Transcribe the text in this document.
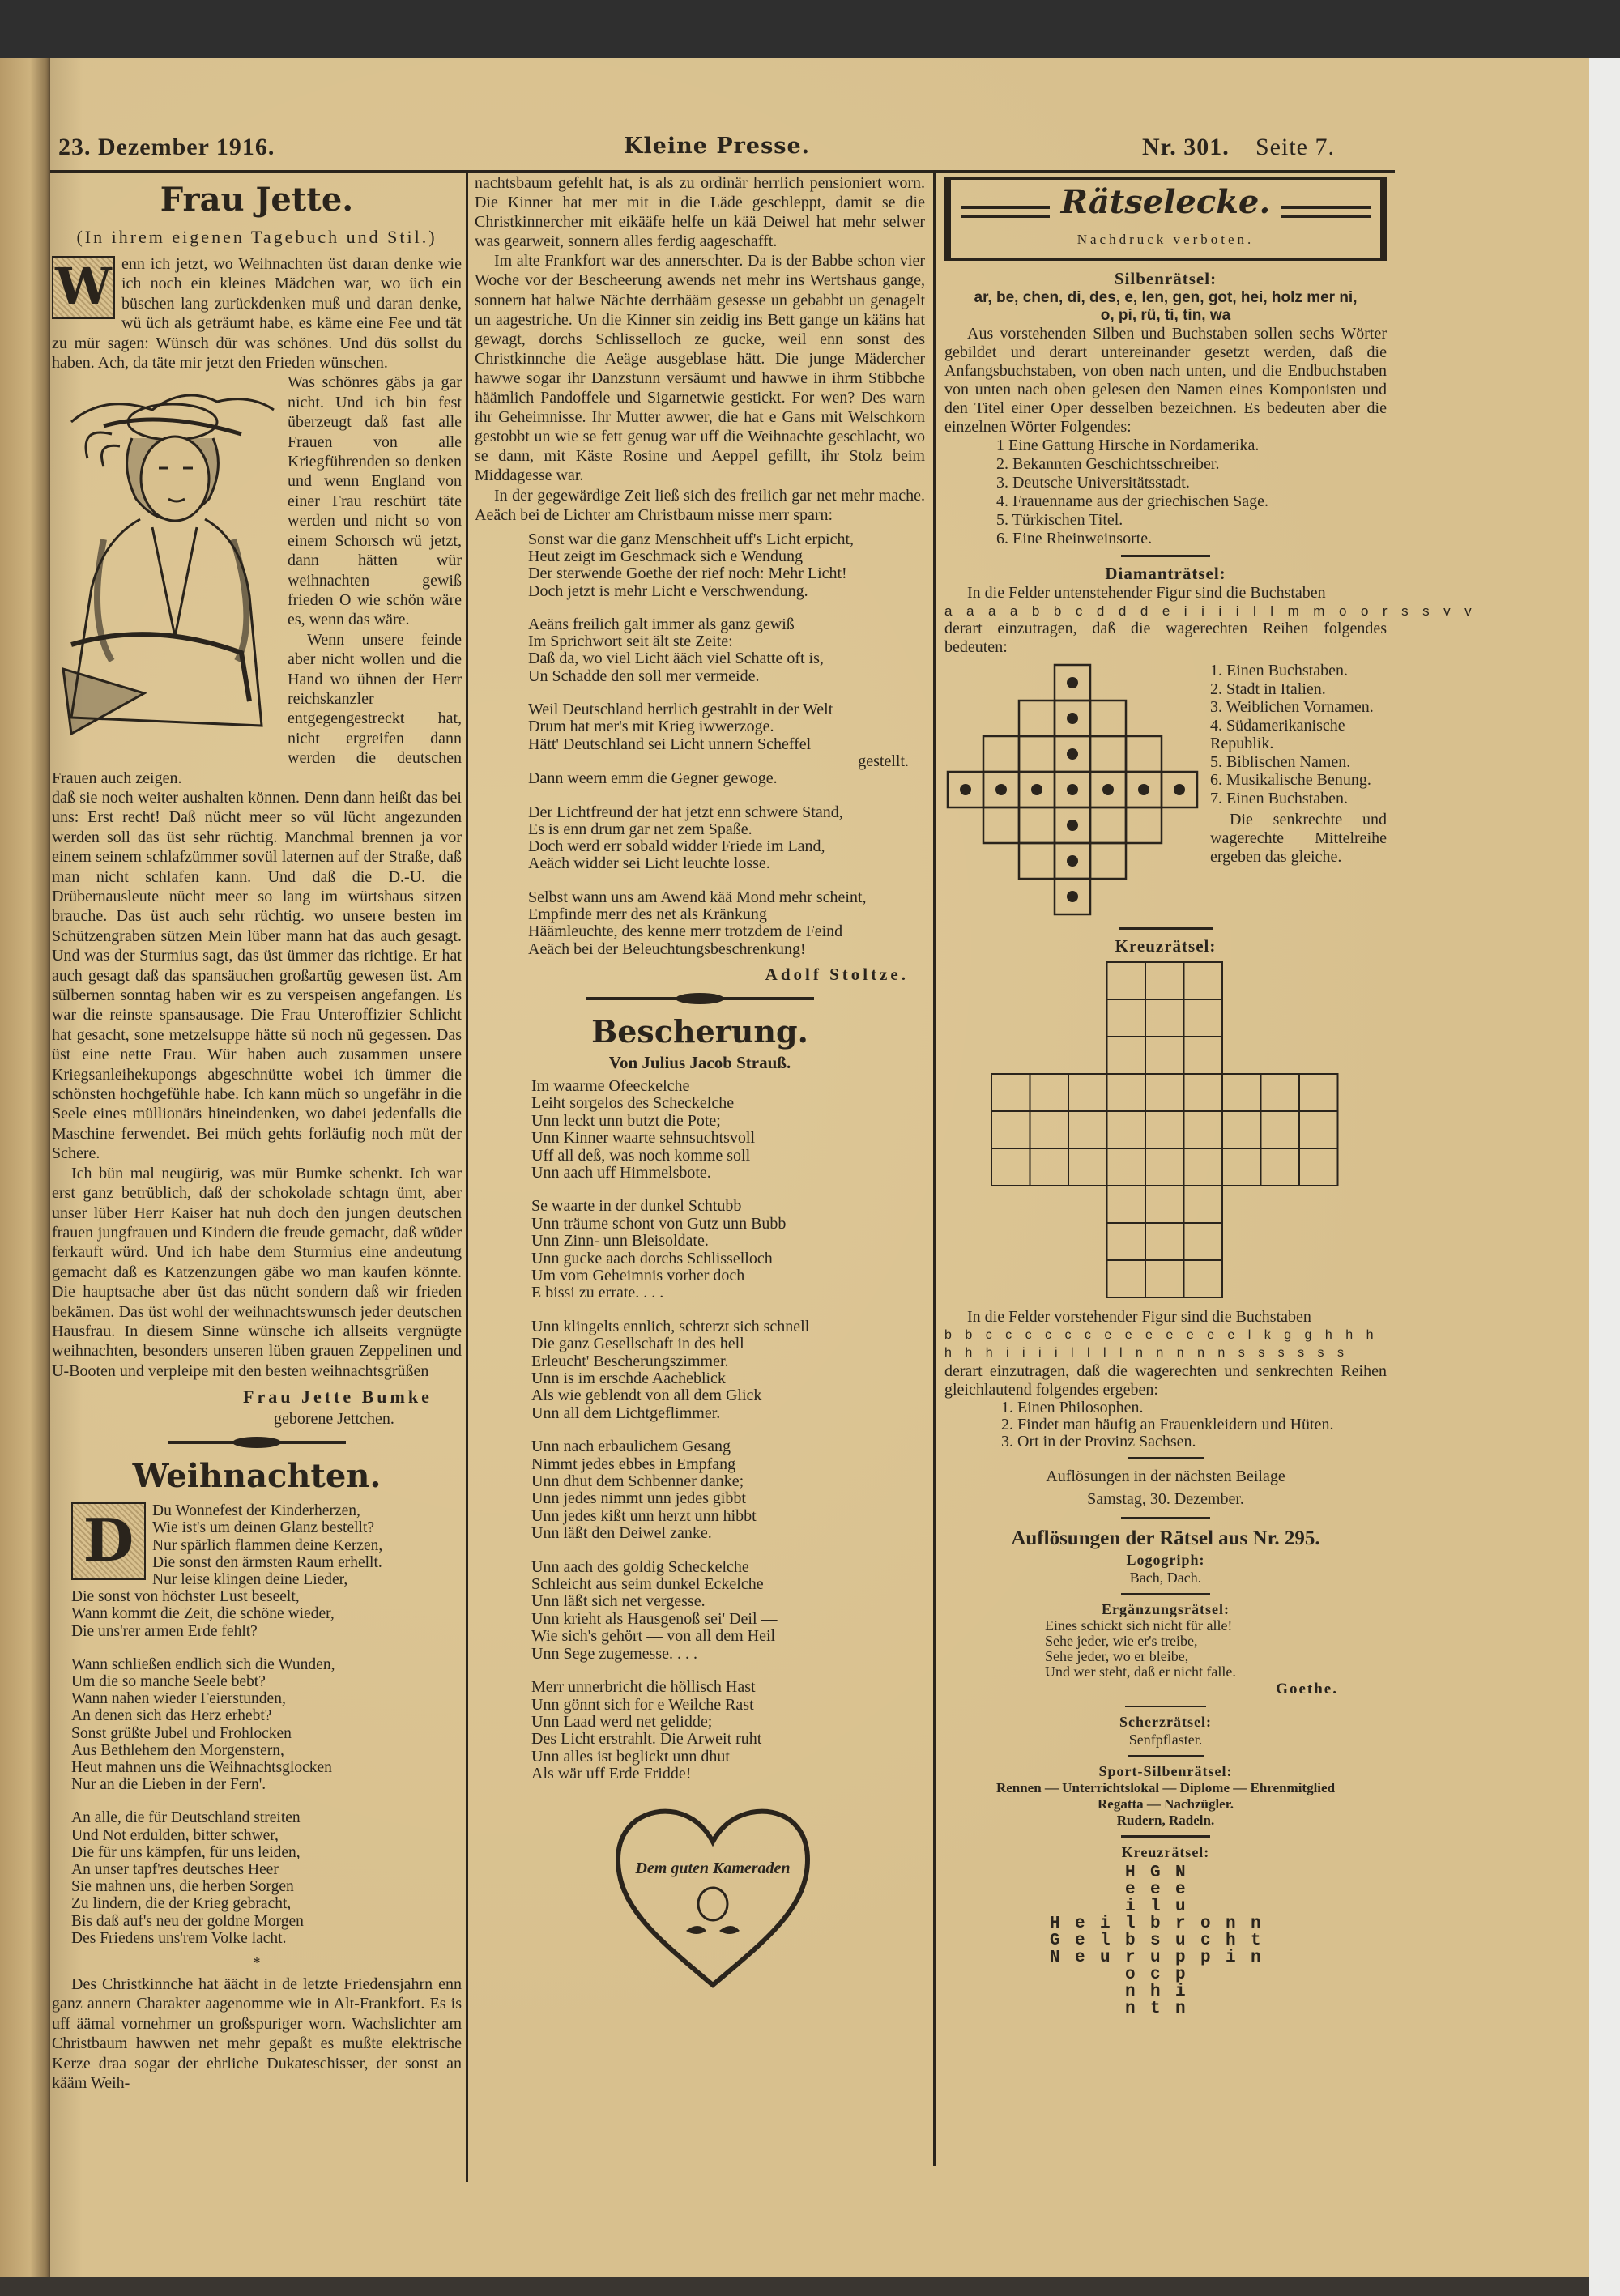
23. Dezember 1916.	Kleine Presse.	Nr. 301. Seite 7.
Frau Jette.
(In ihrem eigenen Tagebuch und Stil.)
W enn ich jetzt, wo Weihnachten üst daran denke wie ich noch ein kleines Mädchen war, wo üch ein büschen lang zurückdenken muß und daran denke, wü üch als geträumt habe, es käme eine Fee und tät zu mür sagen: Wünsch dür was schönes. Und düs sollst du haben. Ach, da täte mir jetzt den Frieden wünschen.

Was schönres gäbs ja gar nicht. Und ich bin fest überzeugt daß fast alle Frauen von alle Kriegführenden so denken und wenn England von einer Frau reschürt täte werden und nicht so von einem Schorsch wü jetzt, dann hätten wür weihnachten gewiß frieden O wie schön wäre es, wenn das wäre.

Wenn unsere feinde aber nicht wollen und die Hand wo ühnen der Herr reichskanzler entgegengestreckt hat, nicht ergreifen dann werden die deutschen Frauen auch zeigen.

daß sie noch weiter aushalten können. Denn dann heißt das bei uns: Erst recht! Daß nücht meer so vül lücht angezunden werden soll das üst sehr rüchtig. Manchmal brennen ja vor einem seinem schlafzümmer sovül laternen auf der Straße, daß man nicht schlafen kann. Und daß die D.-U. die Drübernausleute nücht meer so lang im würtshaus sitzen brauche. Das üst auch sehr rüchtig. wo unsere besten im Schützengraben sützen Mein lüber mann hat das auch gesagt. Und was der Sturmius sagt, das üst ümmer das richtige. Er hat auch gesagt daß das spansäuchen großartüg gewesen üst. Am sülbernen sonntag haben wir es zu verspeisen angefangen. Es war die reinste spansausage. Die Frau Unteroffizier Schlicht hat gesacht, sone metzelsuppe hätte sü noch nü gegessen. Das üst eine nette Frau. Wür haben auch zusammen unsere Kriegsanleihekupongs abgeschnütte wobei ich ümmer die schönsten hochgefühle habe. Ich kann müch so ungefähr in die Seele eines müllionärs hineindenken, wo dabei jedenfalls die Maschine ferwendet. Bei müch gehts forläufig noch müt der Schere.

Ich bün mal neugürig, was mür Bumke schenkt. Ich war erst ganz betrüblich, daß der schokolade schtagn ümt, aber unser lüber Herr Kaiser hat nuh doch den jungen deutschen frauen jungfrauen und Kindern die freude gemacht, daß wüder ferkauft würd. Und ich habe dem Sturmius eine andeutung gemacht daß es Katzenzungen gäbe wo man kaufen könnte. Die hauptsache aber üst das nücht sondern daß wir frieden bekämen. Das üst wohl der weihnachtswunsch jeder deutschen Hausfrau. In diesem Sinne wünsche ich allseits vergnügte weihnachten, besonders unseren lüben grauen Zeppelinen und U-Booten und verpleipe mit den besten weihnachtsgrüßen

Frau Jette Bumke
geborene Jettchen.
Weihnachten.
D	Du Wonnefest der Kinderherzen,
Wie ist's um deinen Glanz bestellt?
Nur spärlich flammen deine Kerzen,
Die sonst den ärmsten Raum erhellt.
Nur leise klingen deine Lieder,
Die sonst von höchster Lust beseelt,
Wann kommt die Zeit, die schöne wieder,
Die uns'rer armen Erde fehlt?
Wann schließen endlich sich die Wunden,
Um die so manche Seele bebt?
Wann nahen wieder Feierstunden,
An denen sich das Herz erhebt?
Sonst grüßte Jubel und Frohlocken
Aus Bethlehem den Morgenstern,
Heut mahnen uns die Weihnachtsglocken
Nur an die Lieben in der Fern'.
An alle, die für Deutschland streiten
Und Not erdulden, bitter schwer,
Die für uns kämpfen, für uns leiden,
An unser tapf'res deutsches Heer
Sie mahnen uns, die herben Sorgen
Zu lindern, die der Krieg gebracht,
Bis daß auf's neu der goldne Morgen
Des Friedens uns'rem Volke lacht.
*

Des Christkinnche hat äächt in de letzte Friedensjahrn enn ganz annern Charakter aagenomme wie in Alt-Frankfort. Es is uff äämal vornehmer un großspuriger worn. Wachslichter am Christbaum hawwen net mehr gepaßt es mußte elektrische Kerze draa sogar der ehrliche Dukateschisser, der sonst an kääm Weih-

nachtsbaum gefehlt hat, is als zu ordinär herrlich pensioniert worn. Die Kinner hat mer mit in die Läde geschleppt, damit se die Christkinnercher mit eikääfe helfe un kää Deiwel hat mehr selwer was gearweit, sonnern alles ferdig aageschafft.

Im alte Frankfort war des annerschter. Da is der Babbe schon vier Woche vor der Bescheerung awends net mehr ins Wertshaus gange, sonnern hat halwe Nächte derrhääm gesesse un gebabbt un genagelt un aagestriche. Un die Kinner sin zeidig ins Bett gange un kääns hat gewagt, dorchs Schlisselloch ze gucke, weil enn sonst des Christkinnche die Aeäge ausgeblase hätt. Die junge Mädercher hawwe sogar ihr Danzstunn versäumt und hawwe in ihrm Stibbche häämlich Pandoffele und Sigarnetwie gestickt. For wen? Des warn ihr Geheimnisse. Ihr Mutter awwer, die hat e Gans mit Welschkorn gestobbt un wie se fett genug war uff die Weihnachte geschlacht, wo se dann, mit Käste Rosine und Aeppel gefillt, ihr Stolz beim Middagesse war.

In der gegewärdige Zeit ließ sich des freilich gar net mehr mache. Aeäch bei de Lichter am Christbaum misse merr sparn:

Sonst war die ganz Menschheit uff's Licht erpicht,
Heut zeigt im Geschmack sich e Wendung
Der sterwende Goethe der rief noch: Mehr Licht!
Doch jetzt is mehr Licht e Verschwendung.
Aeäns freilich galt immer als ganz gewiß
Im Sprichwort seit ält ste Zeite:
Daß da, wo viel Licht ääch viel Schatte oft is,
Un Schadde den soll mer vermeide.
Weil Deutschland herrlich gestrahlt in der Welt
Drum hat mer's mit Krieg iwwerzoge.
Hätt' Deutschland sei Licht unnern Scheffel
gestellt.
Dann weern emm die Gegner gewoge.
Der Lichtfreund der hat jetzt enn schwere Stand,
Es is enn drum gar net zem Spaße.
Doch werd err sobald widder Friede im Land,
Aeäch widder sei Licht leuchte losse.
Selbst wann uns am Awend kää Mond mehr scheint,
Empfinde merr des net als Kränkung
Häämleuchte, des kenne merr trotzdem de Feind
Aeäch bei der Beleuchtungsbeschrenkung!
Adolf Stoltze.
Bescherung.
Von Julius Jacob Strauß.
Im waarme Ofeeckelche
Leiht sorgelos des Scheckelche
Unn leckt unn butzt die Pote;
Unn Kinner waarte sehnsuchtsvoll
Uff all deß, was noch komme soll
Unn aach uff Himmelsbote.
Se waarte in der dunkel Schtubb
Unn träume schont von Gutz unn Bubb
Unn Zinn- unn Bleisoldate.
Unn gucke aach dorchs Schlisselloch
Um vom Geheimnis vorher doch
E bissi zu errate. . . .
Unn klingelts ennlich, schterzt sich schnell
Die ganz Gesellschaft in des hell
Erleucht' Bescherungszimmer.
Unn is im erschde Aacheblick
Als wie geblendt von all dem Glick
Unn all dem Lichtgeflimmer.
Unn nach erbaulichem Gesang
Nimmt jedes ebbes in Empfang
Unn dhut dem Schbenner danke;
Unn jedes nimmt unn jedes gibbt
Unn jedes kißt unn herzt unn hibbt
Unn läßt den Deiwel zanke.
Unn aach des goldig Scheckelche
Schleicht aus seim dunkel Eckelche
Unn läßt sich net vergesse.
Unn krieht als Hausgenoß sei' Deil —
Wie sich's gehört — von all dem Heil
Unn Sege zugemesse. . . .
Merr unnerbricht die höllisch Hast
Unn gönnt sich for e Weilche Rast
Unn Laad werd net gelidde;
Des Licht erstrahlt. Die Arweit ruht
Unn alles ist beglickt unn dhut
Als wär uff Erde Fridde!
Dem guten Kameraden
Rätselecke.
Nachdruck verboten.
Silbenrätsel:
ar, be, chen, di, des, e, len, gen, got, hei, holz mer ni,
o, pi, rü, ti, tin, wa
Aus vorstehenden Silben und Buchstaben sollen sechs Wörter gebildet und derart untereinander gesetzt werden, daß die Anfangsbuchstaben, von oben nach unten, und die Endbuchstaben von unten nach oben gelesen den Namen eines Komponisten und den Titel einer Oper desselben bezeichnen. Es bedeuten aber die einzelnen Wörter Folgendes:
1 Eine Gattung Hirsche in Nordamerika.
2. Bekannten Geschichtsschreiber.
3. Deutsche Universitätsstadt.
4. Frauenname aus der griechischen Sage.
5. Türkischen Titel.
6. Eine Rheinweinsorte.
Diamanträtsel:
In die Felder untenstehender Figur sind die Buchstaben
a a a a b b c d d d e i i i i l l m m o o r s s v v
derart einzutragen, daß die wagerechten Reihen folgendes bedeuten:
1. Einen Buchstaben.
2. Stadt in Italien.
3. Weiblichen Vornamen.
4. Südamerikanische Republik.
5. Biblischen Namen.
6. Musikalische Benung.
7. Einen Buchstaben.
Die senkrechte und wagerechte Mittelreihe ergeben das gleiche.
Kreuzrätsel:
In die Felder vorstehender Figur sind die Buchstaben
b b c c c c c c e e e e e e e l k g g h h h h h h i i i i l l l l n n n n n s s s s s s
derart einzutragen, daß die wagerechten und senkrechten Reihen gleichlautend folgendes ergeben:
1. Einen Philosophen.
2. Findet man häufig an Frauenkleidern und Hüten.
3. Ort in der Provinz Sachsen.
Auflösungen in der nächsten Beilage
Samstag, 30. Dezember.
Auflösungen der Rätsel aus Nr. 295.
Logogriph:
Bach, Dach.
Ergänzungsrätsel:
Eines schickt sich nicht für alle!
Sehe jeder, wie er's treibe,
Sehe jeder, wo er bleibe,
Und wer steht, daß er nicht falle.
Goethe.
Scherzrätsel:
Senfpflaster.
Sport-Silbenrätsel:
Rennen — Unterrichtslokal — Diplome — Ehrenmitglied
Regatta — Nachzügler.
Rudern, Radeln.
Kreuzrätsel:
HGN
eee
ilu
Heilbronn
Gelbsucht
Neuruppin
ocp
nhi
ntn
